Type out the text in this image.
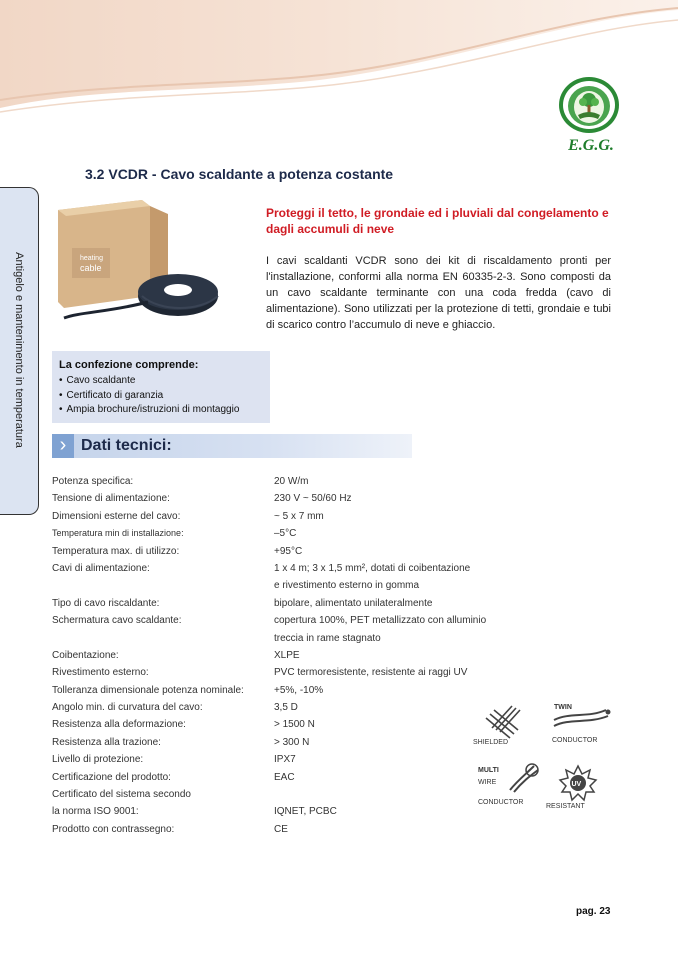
E.G.G.
3.2 VCDR - Cavo scaldante a potenza costante
Antigelo e mantenimento in temperatura	heating
cable
Proteggi il tetto, le grondaie ed i pluviali dal congelamento e dagli accumuli di neve
I cavi scaldanti VCDR sono dei kit di riscaldamento pronti per l'installazione, conformi alla norma EN 60335-2-3. Sono composti da un cavo scaldante terminante con una coda fredda (cavo di alimentazione). Sono utilizzati per la protezione di tetti, grondaie e tubi di scarico contro l’accumulo di neve e ghiaccio.
La confezione comprende:
• Cavo scaldante
• Certificato di garanzia
• Ampia brochure/istruzioni di montaggio
› Dati tecnici:
Potenza specifica:	20 W/m
Tensione di alimentazione:	230 V ~ 50/60 Hz
Dimensioni esterne del cavo:	~ 5 x 7 mm
Temperatura min di installazione:	–5°C
Temperatura max. di utilizzo:	+95°C
Cavi di alimentazione:	1 x 4 m; 3 x 1,5 mm², dotati di coibentazione
e rivestimento esterno in gomma
Tipo di cavo riscaldante:	bipolare, alimentato unilateralmente
Schermatura cavo scaldante:	copertura 100%, PET metallizzato con alluminio
treccia in rame stagnato
Coibentazione:	XLPE
Rivestimento esterno:	PVC termoresistente, resistente ai raggi UV
Tolleranza dimensionale potenza nominale:	+5%, -10%
Angolo min. di curvatura del cavo:	3,5 D
Resistenza alla deformazione:	> 1500 N
Resistenza alla trazione:	> 300 N
Livello di protezione:	IPX7
Certificazione del prodotto:	EAC
Certificato del sistema secondo
la norma ISO 9001:	IQNET, PCBC
Prodotto con contrassegno:	CE
SHIELDED
TWIN
CONDUCTOR
MULTI
WIRE
CONDUCTOR
UV
RESISTANT
pag. 23
